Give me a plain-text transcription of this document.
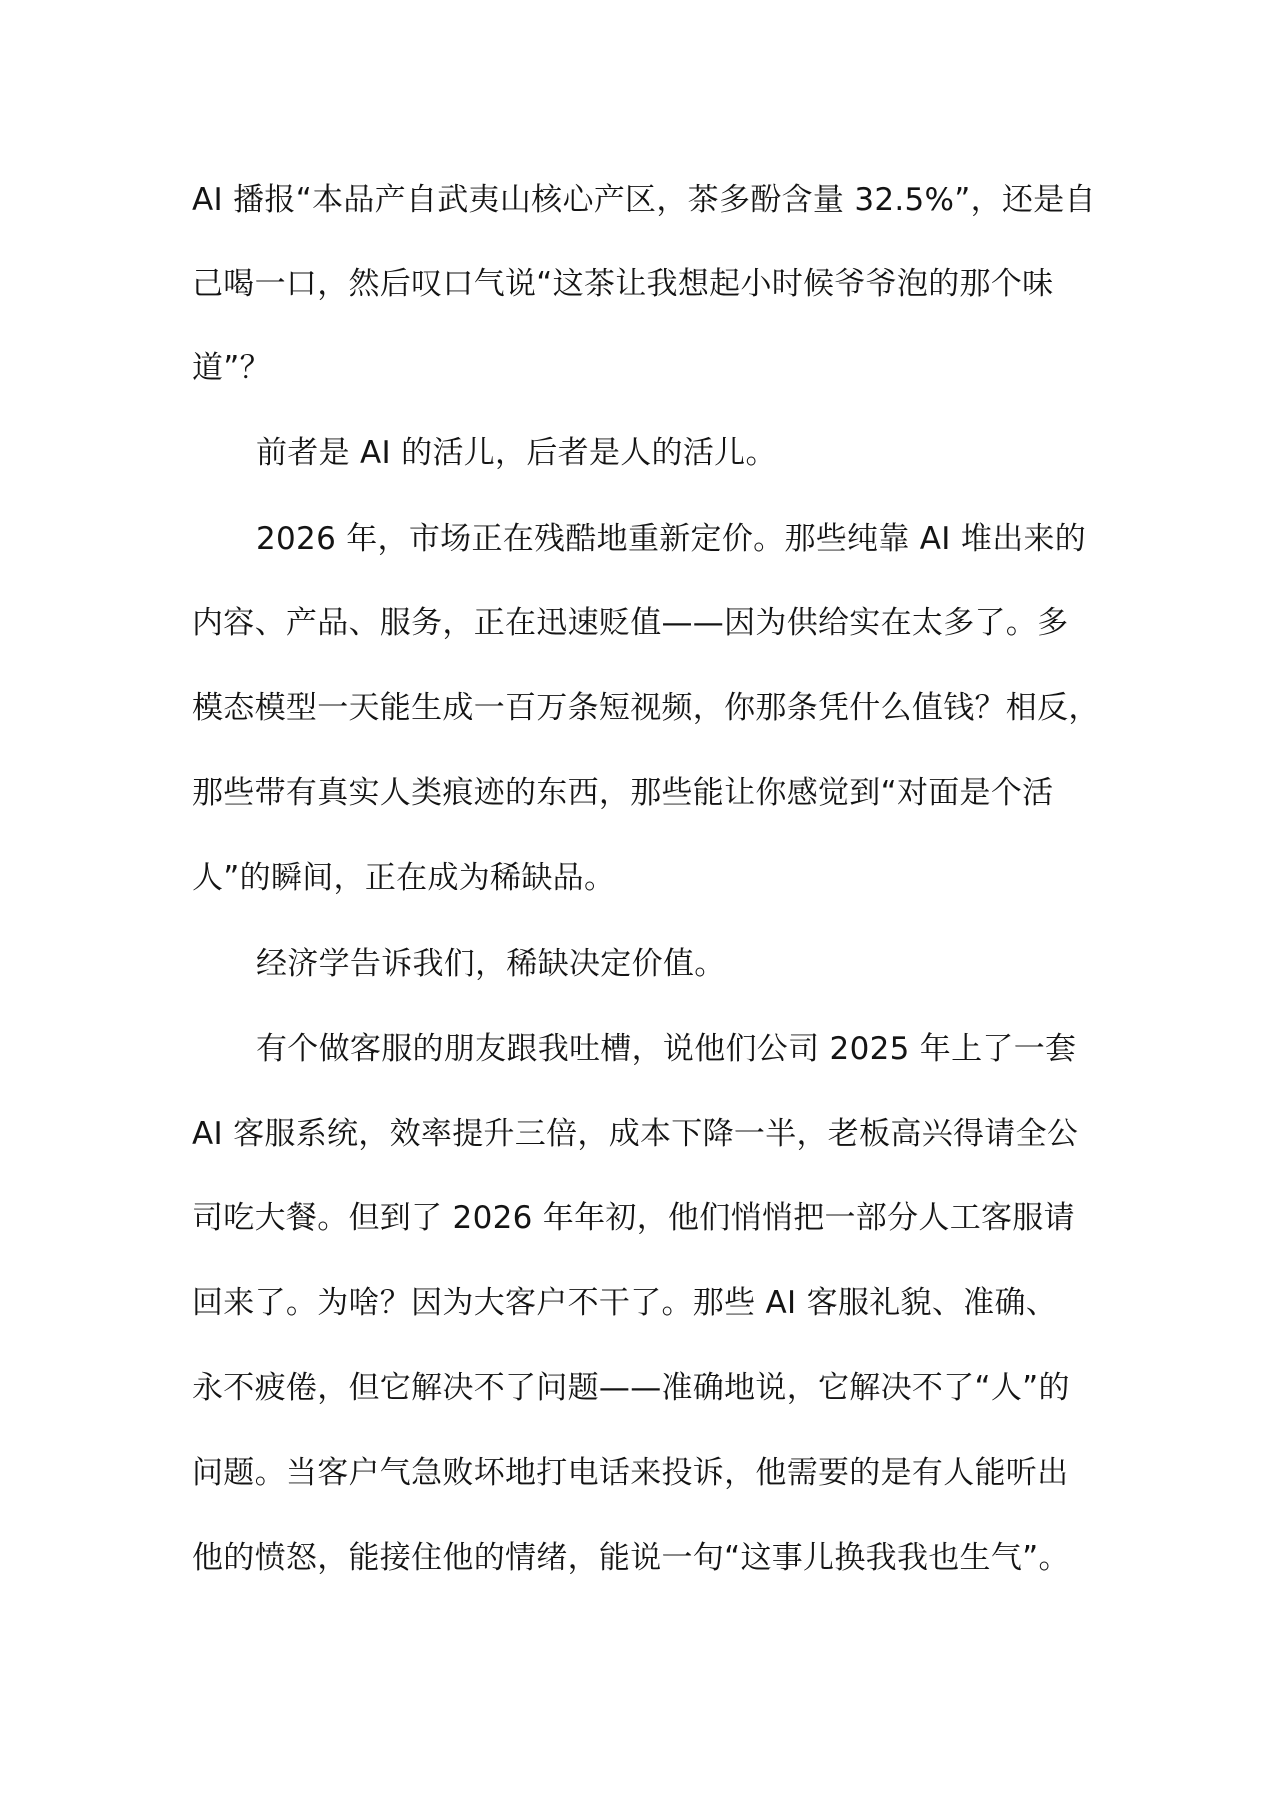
AI 播报“本品产自武夷山核心产区，茶多酚含量 32.5%”，还是自

己喝一口，然后叹口气说“这茶让我想起小时候爷爷泡的那个味

道”？

前者是 AI 的活儿，后者是人的活儿。

2026 年，市场正在残酷地重新定价。那些纯靠 AI 堆出来的

内容、产品、服务，正在迅速贬值——因为供给实在太多了。多

模态模型一天能生成一百万条短视频，你那条凭什么值钱？相反，

那些带有真实人类痕迹的东西，那些能让你感觉到“对面是个活

人”的瞬间，正在成为稀缺品。

经济学告诉我们，稀缺决定价值。

有个做客服的朋友跟我吐槽，说他们公司 2025 年上了一套

AI 客服系统，效率提升三倍，成本下降一半，老板高兴得请全公

司吃大餐。但到了 2026 年年初，他们悄悄把一部分人工客服请

回来了。为啥？因为大客户不干了。那些 AI 客服礼貌、准确、

永不疲倦，但它解决不了问题——准确地说，它解决不了“人”的

问题。当客户气急败坏地打电话来投诉，他需要的是有人能听出

他的愤怒，能接住他的情绪，能说一句“这事儿换我我也生气”。
